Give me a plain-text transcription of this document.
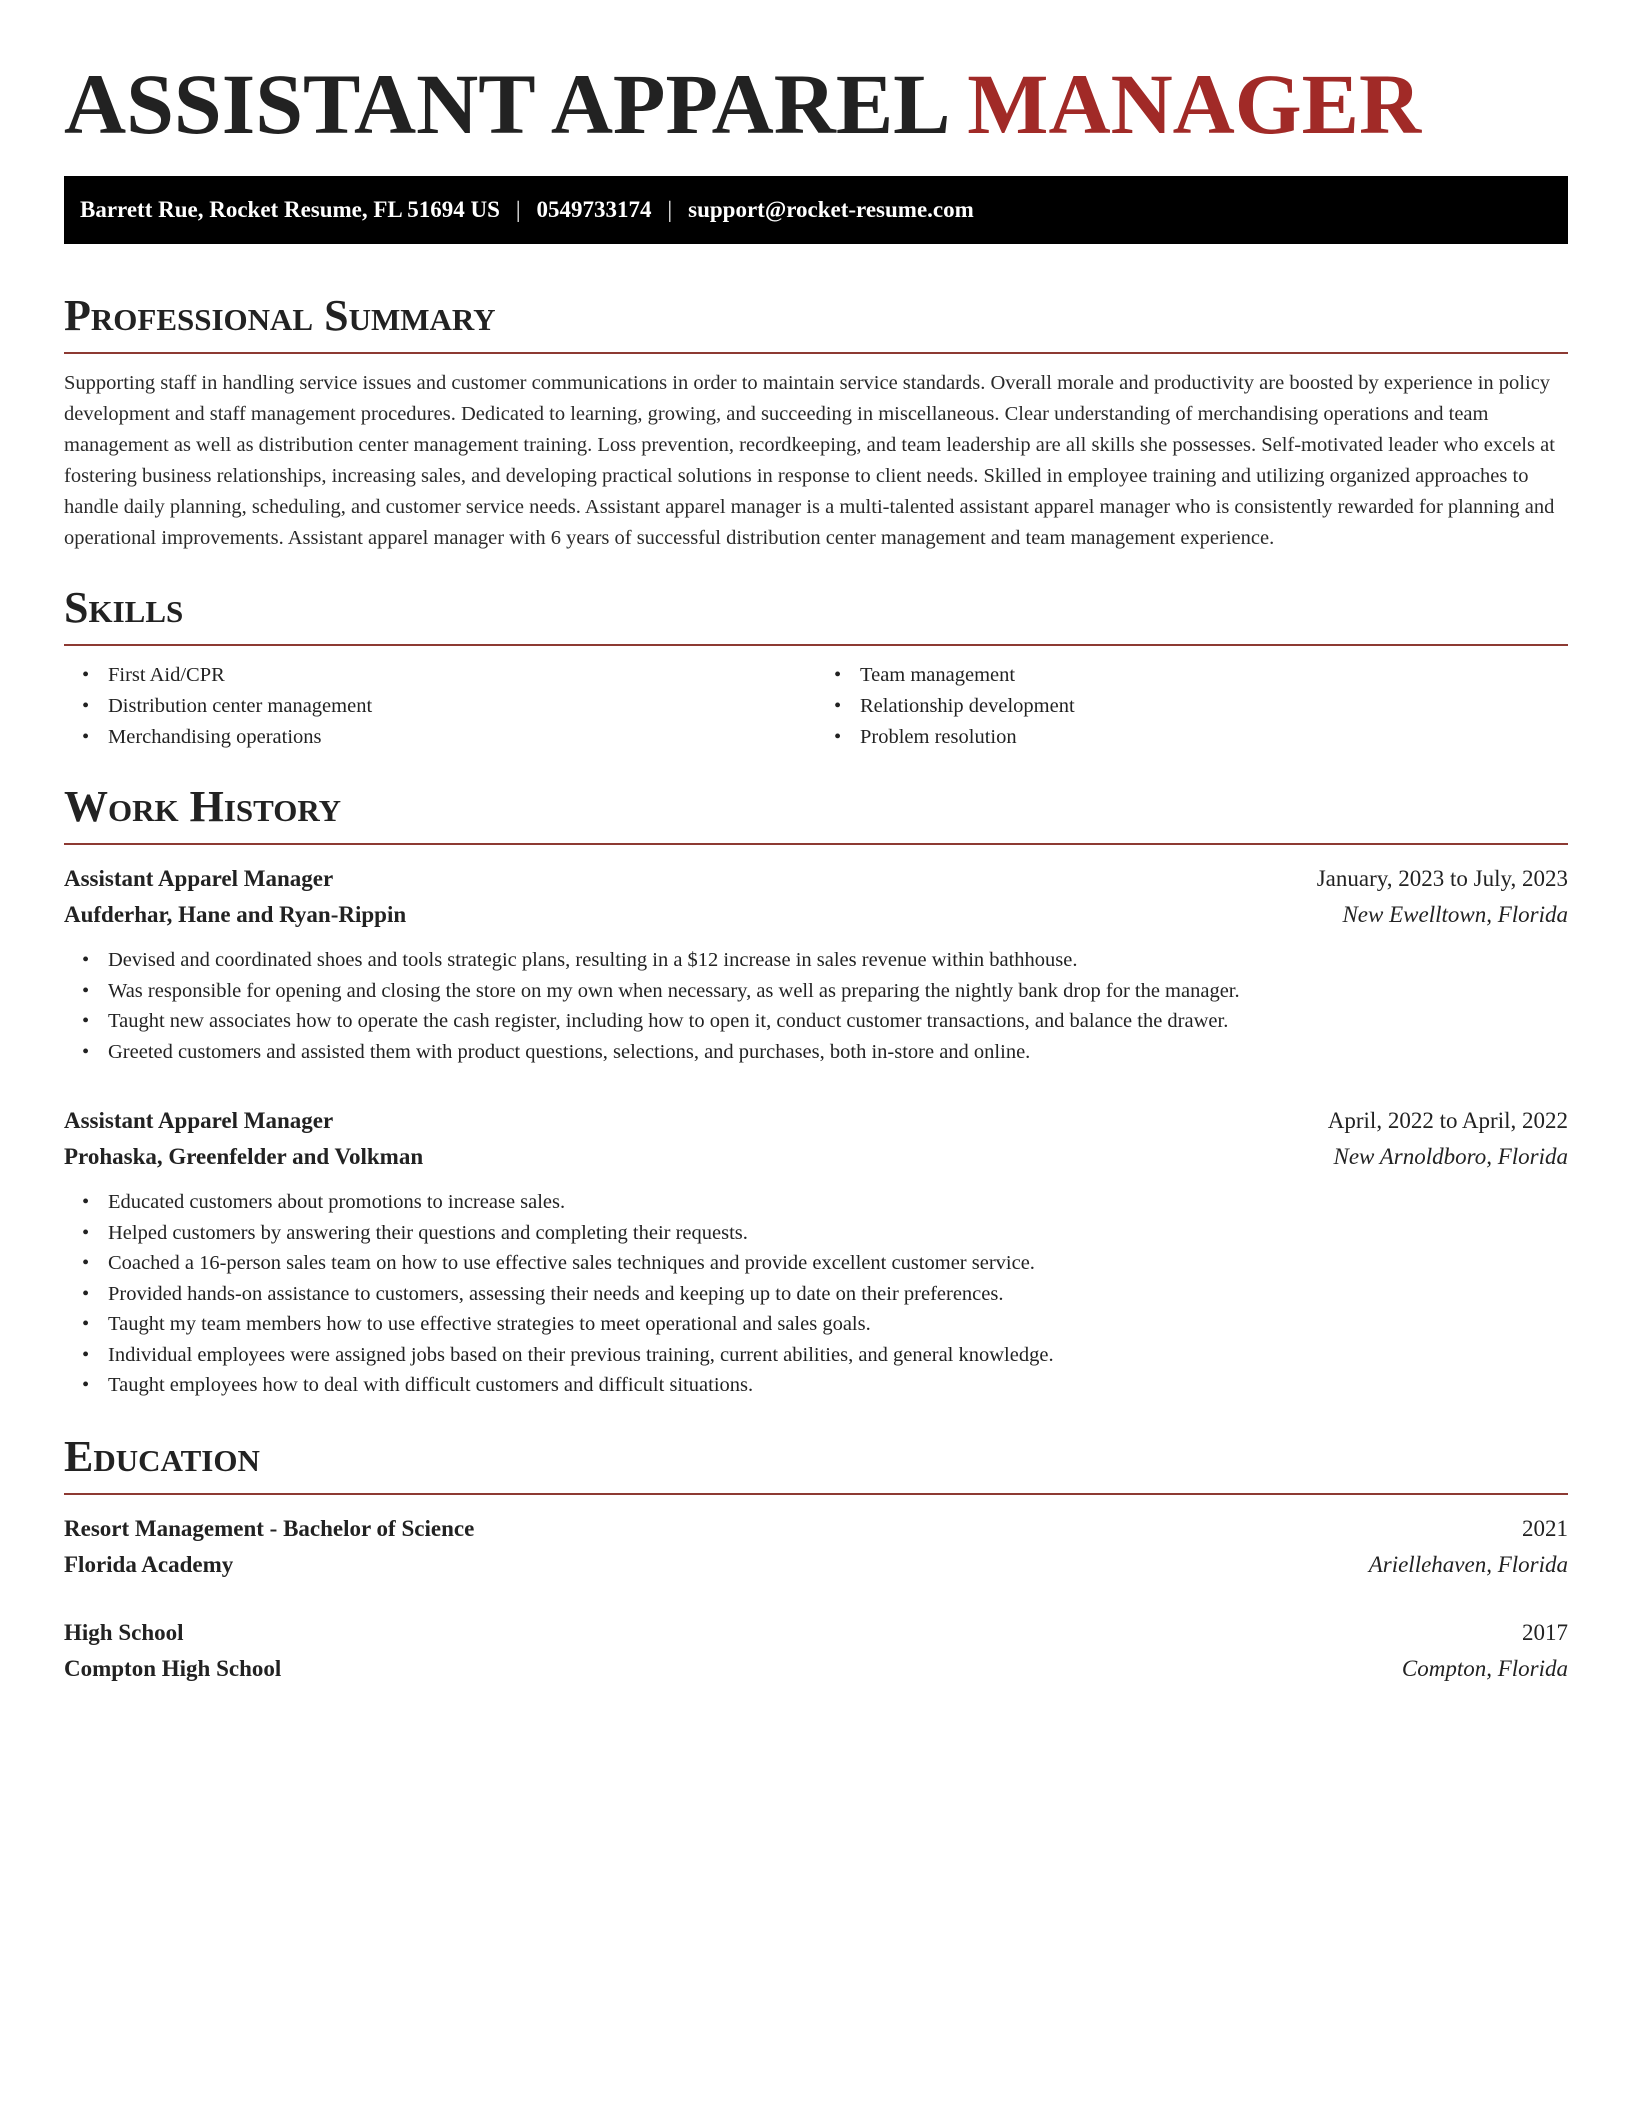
ASSISTANT APPAREL MANAGER
Barrett Rue, Rocket Resume, FL 51694 US | 0549733174 | support@rocket-resume.com
Professional Summary

Supporting staff in handling service issues and customer communications in order to maintain service standards. Overall morale and productivity are boosted by experience in policy development and staff management procedures. Dedicated to learning, growing, and succeeding in miscellaneous. Clear understanding of merchandising operations and team management as well as distribution center management training. Loss prevention, recordkeeping, and team leadership are all skills she possesses. Self-motivated leader who excels at fostering business relationships, increasing sales, and developing practical solutions in response to client needs. Skilled in employee training and utilizing organized approaches to handle daily planning, scheduling, and customer service needs. Assistant apparel manager is a multi-talented assistant apparel manager who is consistently rewarded for planning and operational improvements. Assistant apparel manager with 6 years of successful distribution center management and team management experience.

Skills
• First Aid/CPR
• Distribution center management
• Merchandising operations
• Team management
• Relationship development
• Problem resolution
Work History
Assistant Apparel Manager	January, 2023 to July, 2023
Aufderhar, Hane and Ryan-Rippin	New Ewelltown, Florida
• Devised and coordinated shoes and tools strategic plans, resulting in a $12 increase in sales revenue within bathhouse.
• Was responsible for opening and closing the store on my own when necessary, as well as preparing the nightly bank drop for the manager.
• Taught new associates how to operate the cash register, including how to open it, conduct customer transactions, and balance the drawer.
• Greeted customers and assisted them with product questions, selections, and purchases, both in-store and online.
Assistant Apparel Manager	April, 2022 to April, 2022
Prohaska, Greenfelder and Volkman	New Arnoldboro, Florida
• Educated customers about promotions to increase sales.
• Helped customers by answering their questions and completing their requests.
• Coached a 16-person sales team on how to use effective sales techniques and provide excellent customer service.
• Provided hands-on assistance to customers, assessing their needs and keeping up to date on their preferences.
• Taught my team members how to use effective strategies to meet operational and sales goals.
• Individual employees were assigned jobs based on their previous training, current abilities, and general knowledge.
• Taught employees how to deal with difficult customers and difficult situations.
Education
Resort Management - Bachelor of Science	2021
Florida Academy	Ariellehaven, Florida
High School	2017
Compton High School	Compton, Florida
